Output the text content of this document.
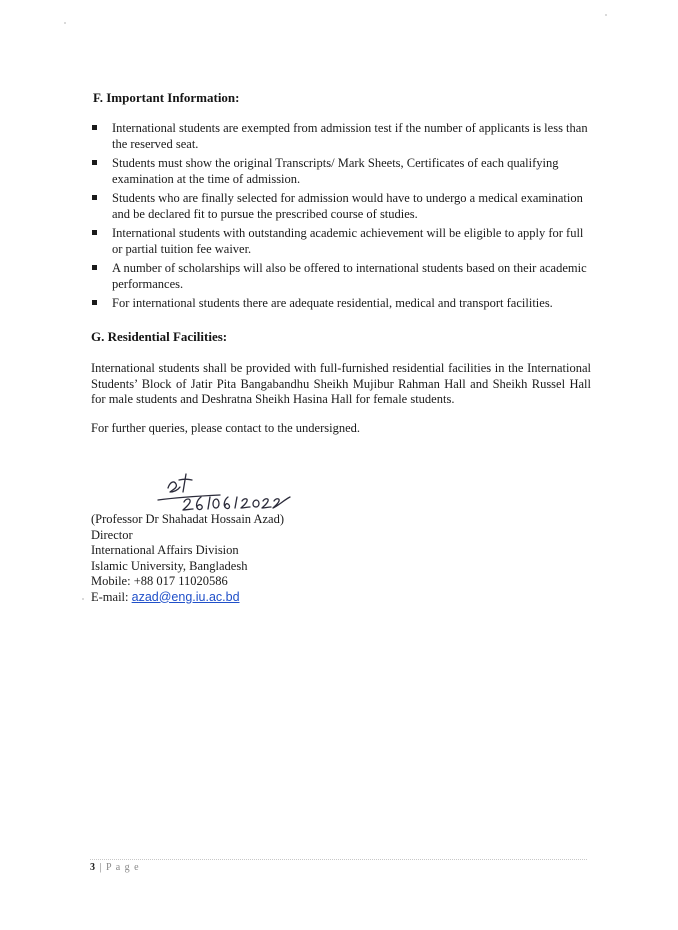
F. Important Information:
International students are exempted from admission test if the number of applicants is less than the reserved seat.
Students must show the original Transcripts/ Mark Sheets, Certificates of each qualifying examination at the time of admission.
Students who are finally selected for admission would have to undergo a medical examination and be declared fit to pursue the prescribed course of studies.
International students with outstanding academic achievement will be eligible to apply for full or partial tuition fee waiver.
A number of scholarships will also be offered to international students based on their academic performances.
For international students there are adequate residential, medical and transport facilities.
G. Residential Facilities:
International students shall be provided with full-furnished residential facilities in the International Students’ Block of Jatir Pita Bangabandhu Sheikh Mujibur Rahman Hall and Sheikh Russel Hall for male students and Deshratna Sheikh Hasina Hall for female students.
For further queries, please contact to the undersigned.
(Professor Dr Shahadat Hossain Azad)
Director
International Affairs Division
Islamic University, Bangladesh
Mobile: +88 017 11020586
E-mail: azad@eng.iu.ac.bd
3 | P a g e
